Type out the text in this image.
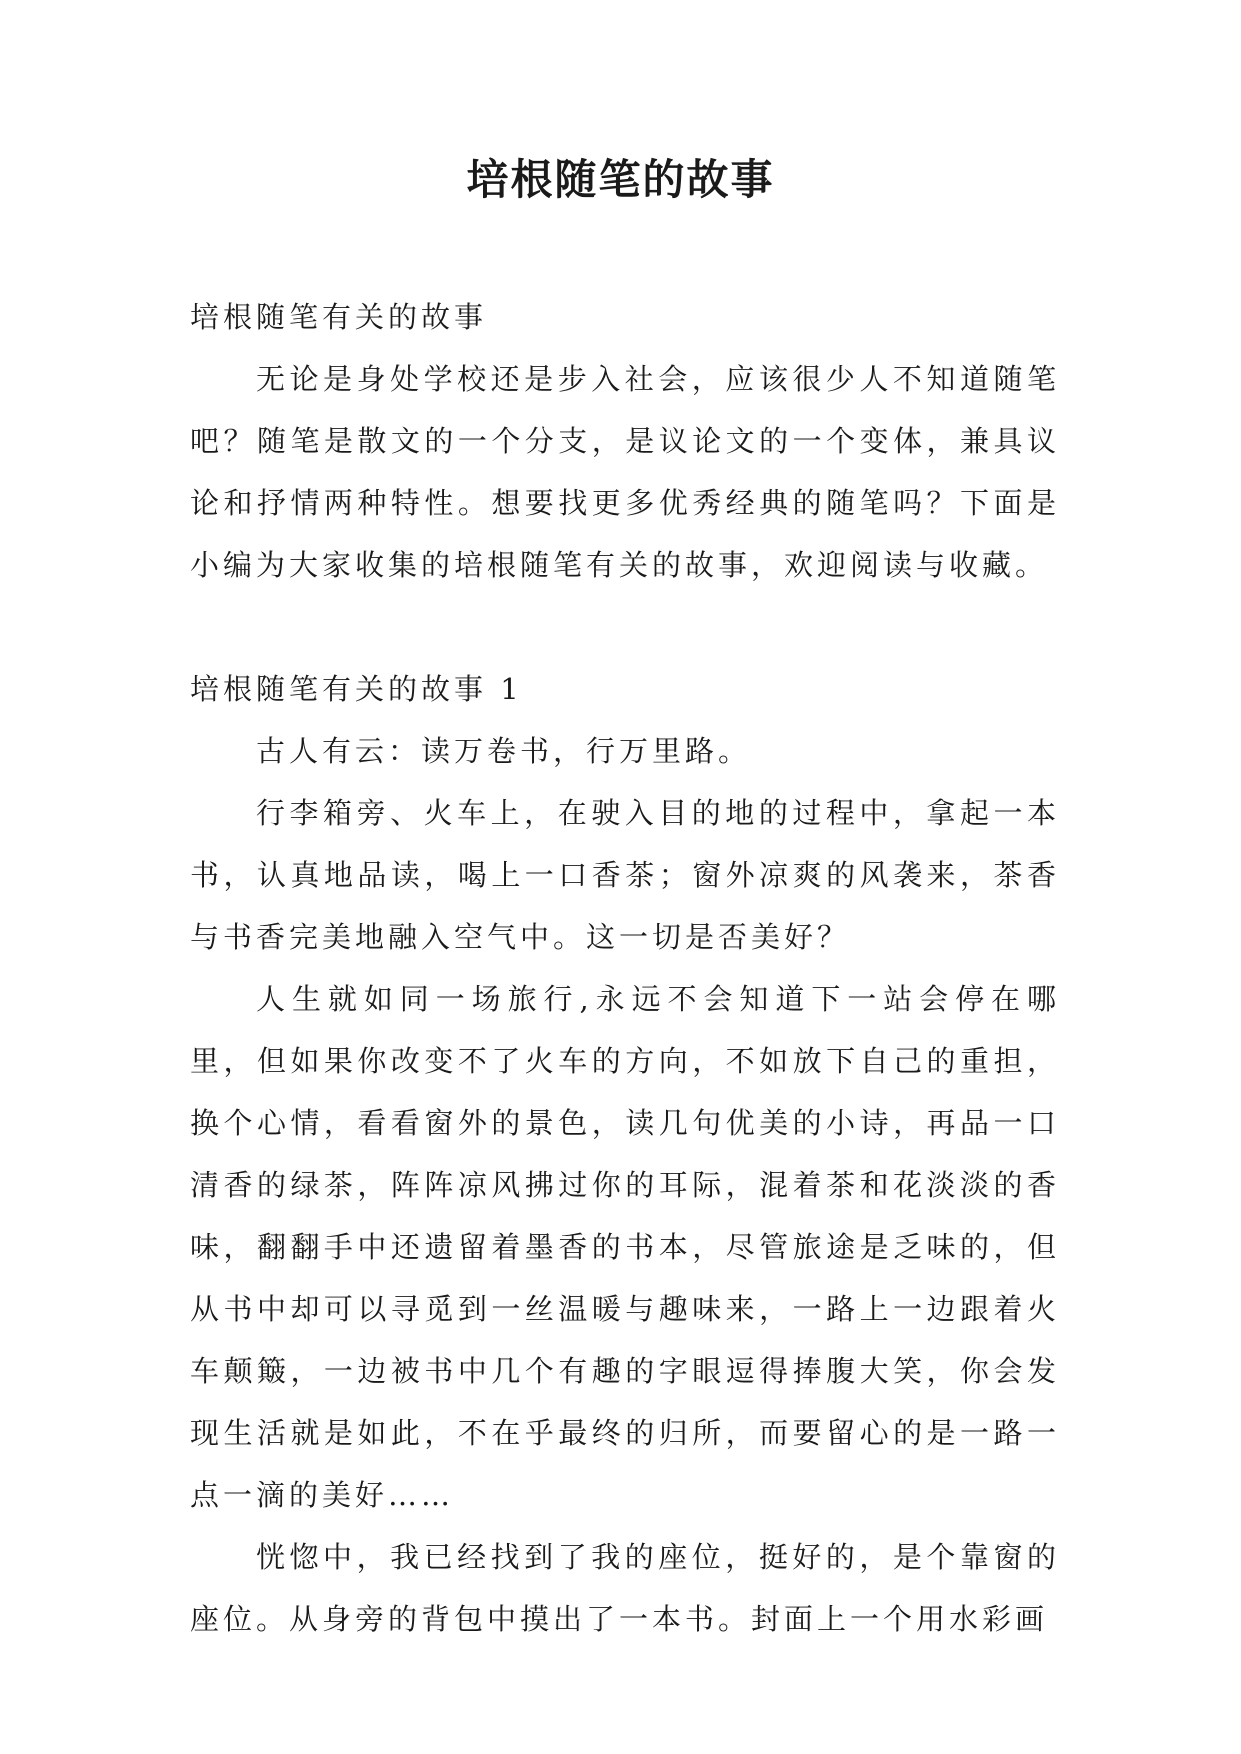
培根随笔的故事

培根随笔有关的故事

无论是身处学校还是步入社会，应该很少人不知道随笔吧？随笔是散文的一个分支，是议论文的一个变体，兼具议论和抒情两种特性。想要找更多优秀经典的随笔吗？下面是小编为大家收集的培根随笔有关的故事，欢迎阅读与收藏。

培根随笔有关的故事 1

古人有云：读万卷书，行万里路。

行李箱旁、火车上，在驶入目的地的过程中，拿起一本书，认真地品读，喝上一口香茶；窗外凉爽的风袭来，茶香与书香完美地融入空气中。这一切是否美好？

人生就如同一场旅行,永远不会知道下一站会停在哪里，但如果你改变不了火车的方向，不如放下自己的重担，换个心情，看看窗外的景色，读几句优美的小诗，再品一口清香的绿茶，阵阵凉风拂过你的耳际，混着茶和花淡淡的香味，翻翻手中还遗留着墨香的书本，尽管旅途是乏味的，但从书中却可以寻觅到一丝温暖与趣味来，一路上一边跟着火车颠簸，一边被书中几个有趣的字眼逗得捧腹大笑，你会发现生活就是如此，不在乎最终的归所，而要留心的是一路一点一滴的美好……

恍惚中，我已经找到了我的座位，挺好的，是个靠窗的座位。从身旁的背包中摸出了一本书。封面上一个用水彩画
